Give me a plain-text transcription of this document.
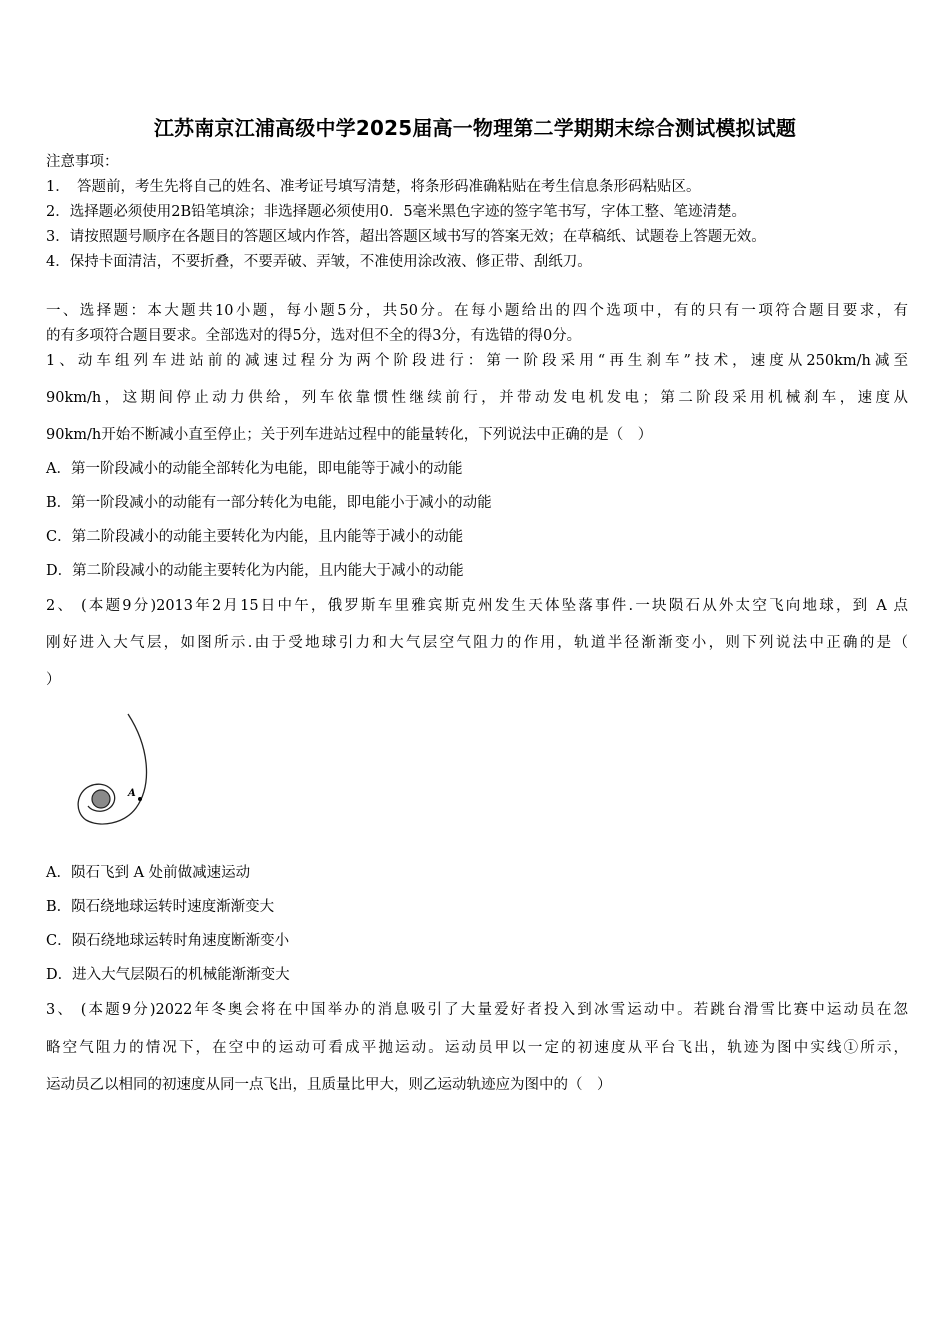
江苏南京江浦高级中学2025届高一物理第二学期期末综合测试模拟试题
注意事项：
1．　答题前，考生先将自己的姓名、准考证号填写清楚，将条形码准确粘贴在考生信息条形码粘贴区。
2．选择题必须使用2B铅笔填涂；非选择题必须使用0．5毫米黑色字迹的签字笔书写，字体工整、笔迹清楚。
3．请按照题号顺序在各题目的答题区域内作答，超出答题区域书写的答案无效；在草稿纸、试题卷上答题无效。
4．保持卡面清洁，不要折叠，不要弄破、弄皱，不准使用涂改液、修正带、刮纸刀。
一、选择题：本大题共10小题，每小题5分，共50分。在每小题给出的四个选项中，有的只有一项符合题目要求，有
的有多项符合题目要求。全部选对的得5分，选对但不全的得3分，有选错的得0分。
1、动车组列车进站前的减速过程分为两个阶段进行：第一阶段采用“再生刹车”技术，速度从250km/h减至
90km/h，这期间停止动力供给，列车依靠惯性继续前行，并带动发电机发电；第二阶段采用机械刹车，速度从
90km/h开始不断减小直至停止；关于列车进站过程中的能量转化，下列说法中正确的是（　）
A．第一阶段减小的动能全部转化为电能，即电能等于减小的动能
B．第一阶段减小的动能有一部分转化为电能，即电能小于减小的动能
C．第二阶段减小的动能主要转化为内能，且内能等于减小的动能
D．第二阶段减小的动能主要转化为内能，且内能大于减小的动能
2、 (本题9分)2013年2月15日中午，俄罗斯车里雅宾斯克州发生天体坠落事件.一块陨石从外太空飞向地球，到 A 点
刚好进入大气层，如图所示.由于受地球引力和大气层空气阻力的作用，轨道半径渐渐变小，则下列说法中正确的是（
）
A
A．陨石飞到 A 处前做减速运动
B．陨石绕地球运转时速度渐渐变大
C．陨石绕地球运转时角速度断渐变小
D．进入大气层陨石的机械能渐渐变大
3、 (本题9分)2022年冬奥会将在中国举办的消息吸引了大量爱好者投入到冰雪运动中。若跳台滑雪比赛中运动员在忽
略空气阻力的情况下，在空中的运动可看成平抛运动。运动员甲以一定的初速度从平台飞出，轨迹为图中实线①所示，
运动员乙以相同的初速度从同一点飞出，且质量比甲大，则乙运动轨迹应为图中的（　）
